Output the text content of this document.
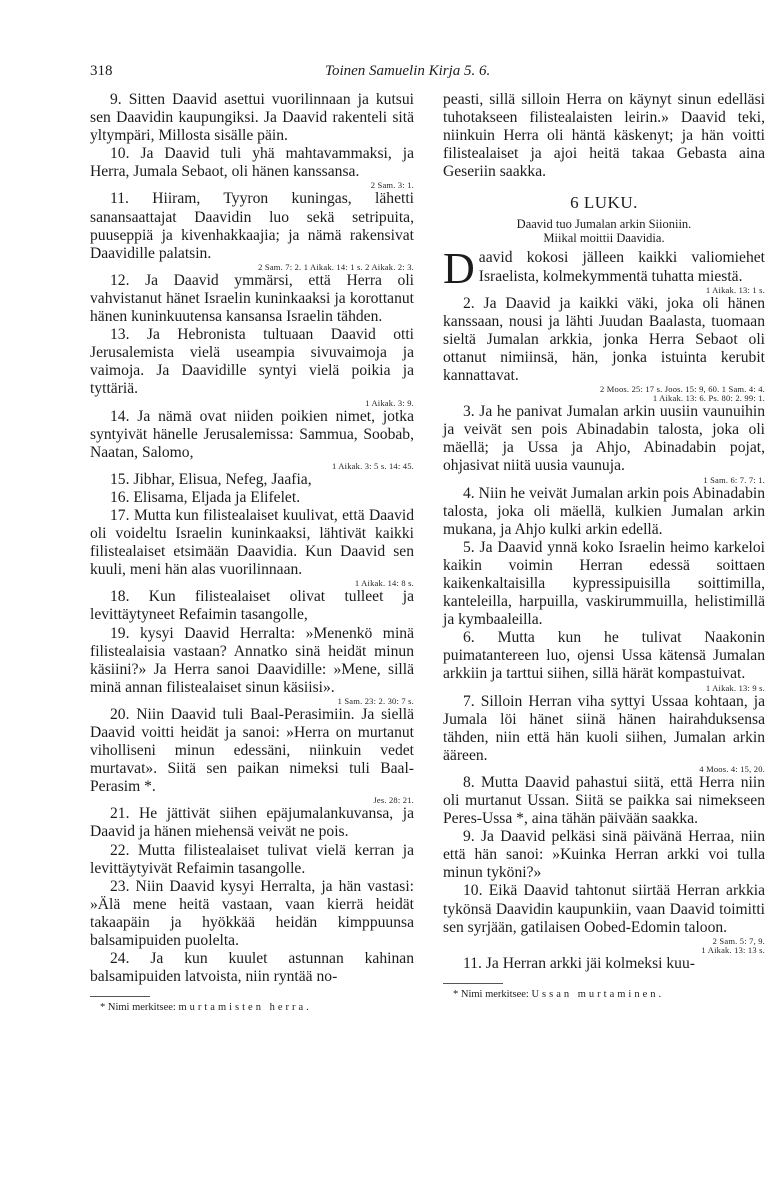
318	Toinen Samuelin Kirja 5. 6.

9. Sitten Daavid asettui vuorilinnaan ja kutsui sen Daavidin kaupungiksi. Ja Daavid rakenteli sitä yltympäri, Millosta sisälle päin.

10. Ja Daavid tuli yhä mahtavammaksi, ja Herra, Jumala Sebaot, oli hänen kanssansa.

2 Sam. 3: 1.

11. Hiiram, Tyyron kuningas, lähetti sanansaattajat Daavidin luo sekä setripuita, puuseppiä ja kivenhakkaajia; ja nämä rakensivat Daavidille palatsin.

2 Sam. 7: 2. 1 Aikak. 14: 1 s. 2 Aikak. 2: 3.

12. Ja Daavid ymmärsi, että Herra oli vahvistanut hänet Israelin kuninkaaksi ja korottanut hänen kuninkuutensa kansansa Israelin tähden.

13. Ja Hebronista tultuaan Daavid otti Jerusalemista vielä useampia sivuvaimoja ja vaimoja. Ja Daavidille syntyi vielä poikia ja tyttäriä.

1 Aikak. 3: 9.

14. Ja nämä ovat niiden poikien nimet, jotka syntyivät hänelle Jerusalemissa: Sammua, Soobab, Naatan, Salomo,

1 Aikak. 3: 5 s. 14: 45.

15. Jibhar, Elisua, Nefeg, Jaafia,

16. Elisama, Eljada ja Elifelet.

17. Mutta kun filistealaiset kuulivat, että Daavid oli voideltu Israelin kuninkaaksi, lähtivät kaikki filistealaiset etsimään Daavidia. Kun Daavid sen kuuli, meni hän alas vuorilinnaan.

1 Aikak. 14: 8 s.

18. Kun filistealaiset olivat tulleet ja levittäytyneet Refaimin tasangolle,

19. kysyi Daavid Herralta: »Menenkö minä filistealaisia vastaan? Annatko sinä heidät minun käsiini?» Ja Herra sanoi Daavidille: »Mene, sillä minä annan filistealaiset sinun käsiisi».

1 Sam. 23: 2. 30: 7 s.

20. Niin Daavid tuli Baal-Perasimiin. Ja siellä Daavid voitti heidät ja sanoi: »Herra on murtanut viholliseni minun edessäni, niinkuin vedet murtavat». Siitä sen paikan nimeksi tuli Baal-Perasim *.

Jes. 28: 21.

21. He jättivät siihen epäjumalankuvansa, ja Daavid ja hänen miehensä veivät ne pois.

22. Mutta filistealaiset tulivat vielä kerran ja levittäytyivät Refaimin tasangolle.

23. Niin Daavid kysyi Herralta, ja hän vastasi: »Älä mene heitä vastaan, vaan kierrä heidät takaapäin ja hyökkää heidän kimppuunsa balsamipuiden puolelta.

24. Ja kun kuulet astunnan kahinan balsamipuiden latvoista, niin ryntää no-

* Nimi merkitsee: murtamisten herra.

peasti, sillä silloin Herra on käynyt sinun edelläsi tuhotakseen filistealaisten leirin.» Daavid teki, niinkuin Herra oli häntä käskenyt; ja hän voitti filistealaiset ja ajoi heitä takaa Gebasta aina Geseriin saakka.

6 LUKU.
Daavid tuo Jumalan arkin Siioniin.
Miikal moittii Daavidia.

Daavid kokosi jälleen kaikki valiomiehet Israelista, kolmekymmentä tuhatta miestä.

1 Aikak. 13: 1 s.

2. Ja Daavid ja kaikki väki, joka oli hänen kanssaan, nousi ja lähti Juudan Baalasta, tuomaan sieltä Jumalan arkkia, jonka Herra Sebaot oli ottanut nimiinsä, hän, jonka istuinta kerubit kannattavat.

2 Moos. 25: 17 s. Joos. 15: 9, 60. 1 Sam. 4: 4.
1 Aikak. 13: 6. Ps. 80: 2. 99: 1.

3. Ja he panivat Jumalan arkin uusiin vaunuihin ja veivät sen pois Abinadabin talosta, joka oli mäellä; ja Ussa ja Ahjo, Abinadabin pojat, ohjasivat niitä uusia vaunuja.

1 Sam. 6: 7. 7: 1.

4. Niin he veivät Jumalan arkin pois Abinadabin talosta, joka oli mäellä, kulkien Jumalan arkin mukana, ja Ahjo kulki arkin edellä.

5. Ja Daavid ynnä koko Israelin heimo karkeloi kaikin voimin Herran edessä soittaen kaikenkaltaisilla kypressipuisilla soittimilla, kanteleilla, harpuilla, vaskirummuilla, helistimillä ja kymbaaleilla.

6. Mutta kun he tulivat Naakonin puimatantereen luo, ojensi Ussa kätensä Jumalan arkkiin ja tarttui siihen, sillä härät kompastuivat.

1 Aikak. 13: 9 s.

7. Silloin Herran viha syttyi Ussaa kohtaan, ja Jumala löi hänet siinä hänen hairahduksensa tähden, niin että hän kuoli siihen, Jumalan arkin ääreen.

4 Moos. 4: 15, 20.

8. Mutta Daavid pahastui siitä, että Herra niin oli murtanut Ussan. Siitä se paikka sai nimekseen Peres-Ussa *, aina tähän päivään saakka.

9. Ja Daavid pelkäsi sinä päivänä Herraa, niin että hän sanoi: »Kuinka Herran arkki voi tulla minun tyköni?»

10. Eikä Daavid tahtonut siirtää Herran arkkia tykönsä Daavidin kaupunkiin, vaan Daavid toimitti sen syrjään, gatilaisen Oobed-Edomin taloon.

2 Sam. 5: 7, 9.
1 Aikak. 13: 13 s.

11. Ja Herran arkki jäi kolmeksi kuu-

* Nimi merkitsee: Ussan murtaminen.
